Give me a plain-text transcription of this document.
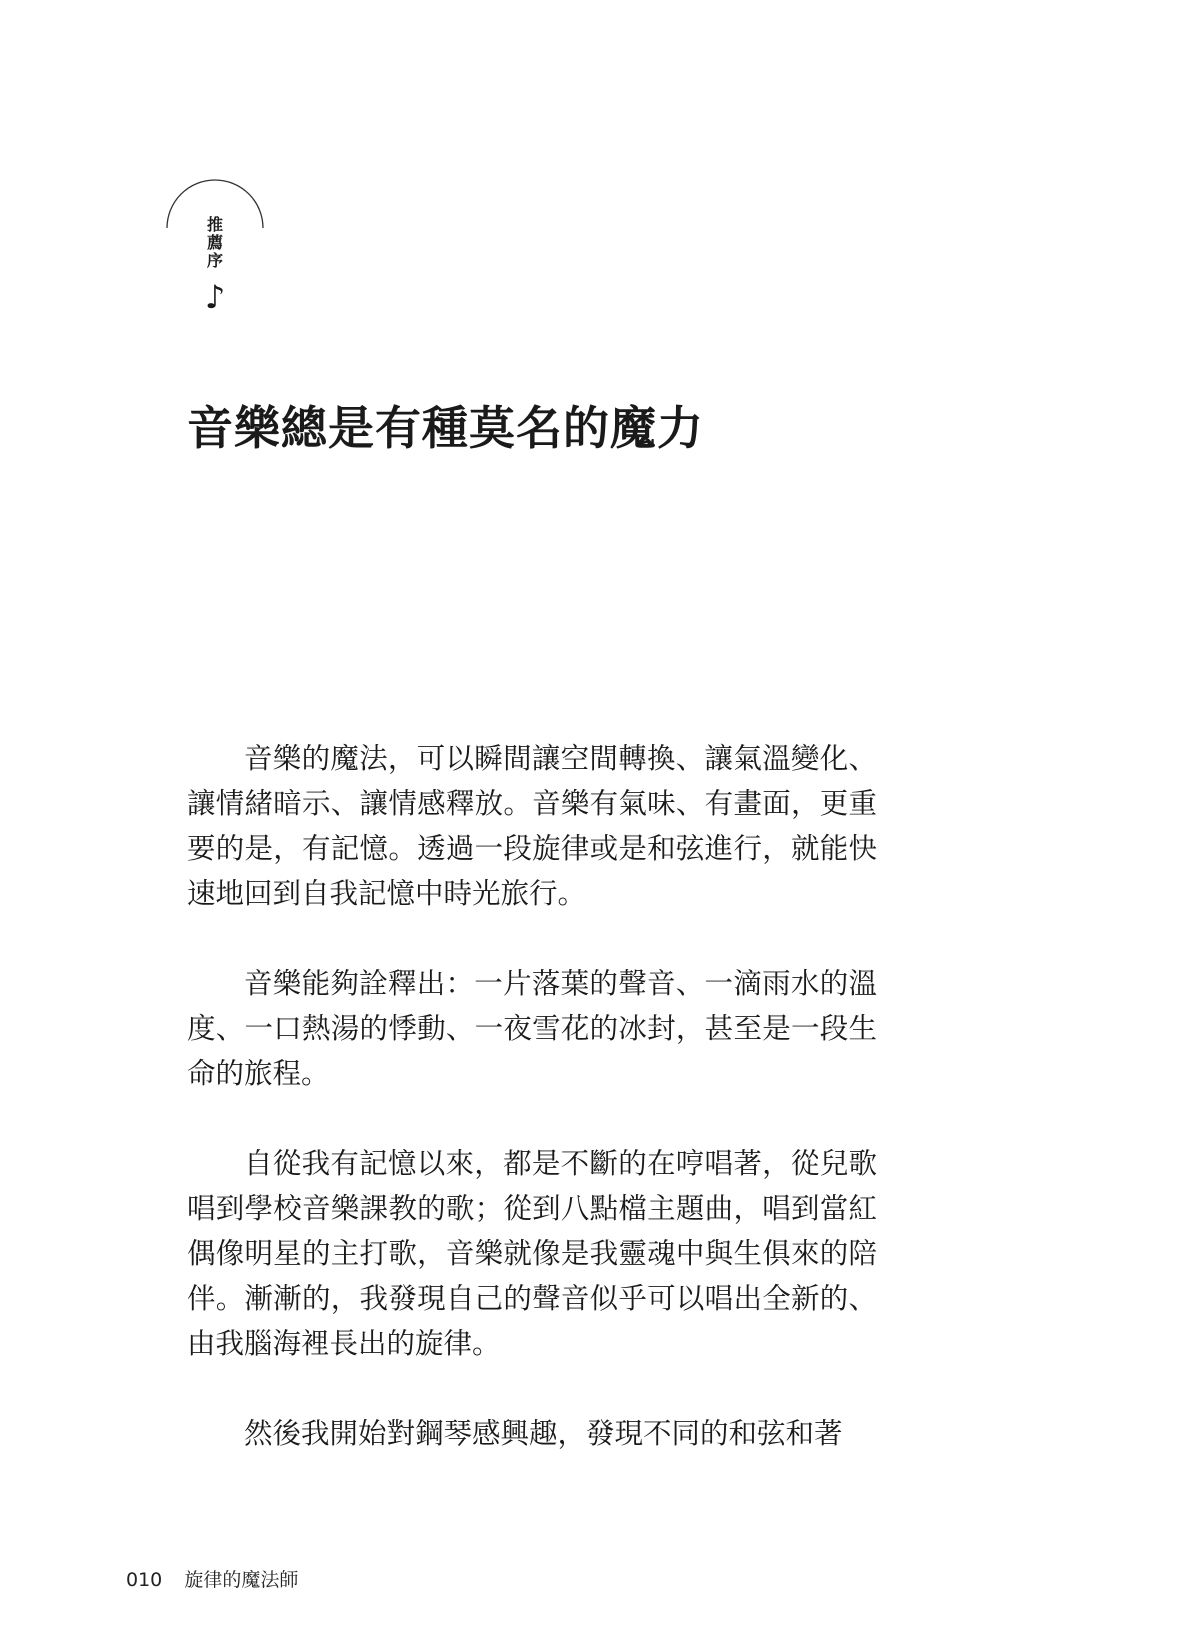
推
薦
序
♪
音樂總是有種莫名的魔力

音樂的魔法，可以瞬間讓空間轉換、讓氣溫變化、讓情緒暗示、讓情感釋放。音樂有氣味、有畫面，更重要的是，有記憶。透過一段旋律或是和弦進行，就能快速地回到自我記憶中時光旅行。

音樂能夠詮釋出：一片落葉的聲音、一滴雨水的溫度、一口熱湯的悸動、一夜雪花的冰封，甚至是一段生命的旅程。

自從我有記憶以來，都是不斷的在哼唱著，從兒歌唱到學校音樂課教的歌；從到八點檔主題曲，唱到當紅偶像明星的主打歌，音樂就像是我靈魂中與生俱來的陪伴。漸漸的，我發現自己的聲音似乎可以唱出全新的、由我腦海裡長出的旋律。

然後我開始對鋼琴感興趣，發現不同的和弦和著

010 旋律的魔法師
